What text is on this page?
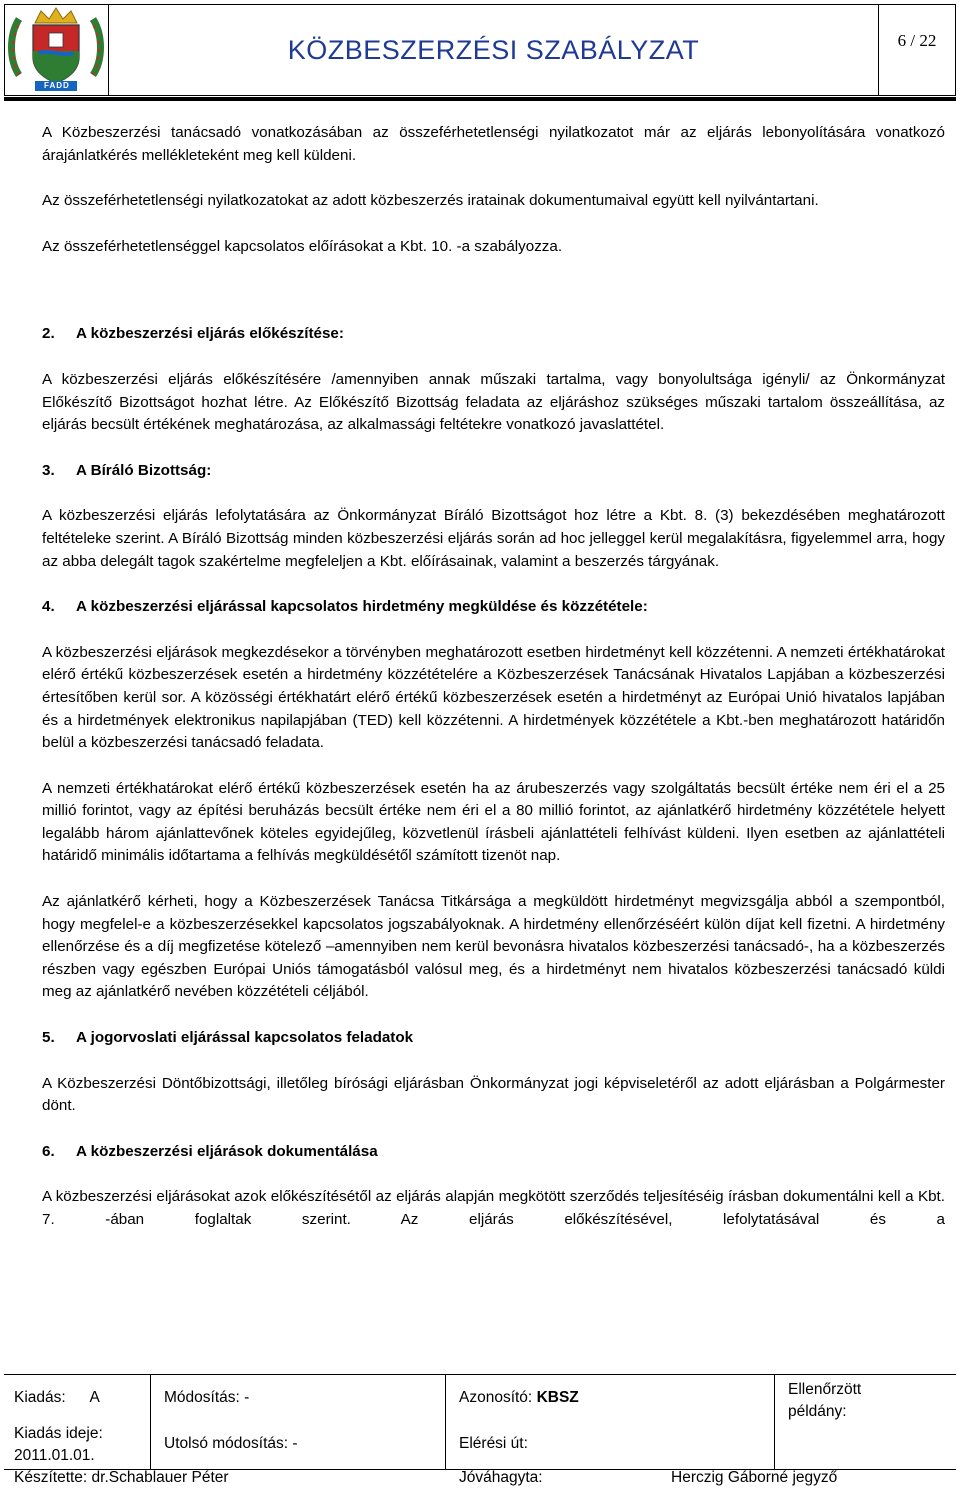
FADD
KÖZBESZERZÉSI SZABÁLYZAT	6 / 22

A Közbeszerzési tanácsadó vonatkozásában az összeférhetetlenségi nyilatkozatot már az eljárás lebonyolítására vonatkozó árajánlatkérés mellékleteként meg kell küldeni.

Az összeférhetetlenségi nyilatkozatokat az adott közbeszerzés iratainak dokumentumaival együtt kell nyilvántartani.

Az összeférhetetlenséggel kapcsolatos előírásokat a Kbt. 10. -a szabályozza.

2. A közbeszerzési eljárás előkészítése:

A közbeszerzési eljárás előkészítésére /amennyiben annak műszaki tartalma, vagy bonyolultsága igényli/ az Önkormányzat Előkészítő Bizottságot hozhat létre. Az Előkészítő Bizottság feladata az eljáráshoz szükséges műszaki tartalom összeállítása, az eljárás becsült értékének meghatározása, az alkalmassági feltétekre vonatkozó javaslattétel.

3. A Bíráló Bizottság:

A közbeszerzési eljárás lefolytatására az Önkormányzat Bíráló Bizottságot hoz létre a Kbt. 8. (3) bekezdésében meghatározott feltételeke szerint. A Bíráló Bizottság minden közbeszerzési eljárás során ad hoc jelleggel kerül megalakításra, figyelemmel arra, hogy az abba delegált tagok szakértelme megfeleljen a Kbt. előírásainak, valamint a beszerzés tárgyának.

4. A közbeszerzési eljárással kapcsolatos hirdetmény megküldése és közzététele:

A közbeszerzési eljárások megkezdésekor a törvényben meghatározott esetben hirdetményt kell közzétenni. A nemzeti értékhatárokat elérő értékű közbeszerzések esetén a hirdetmény közzétételére a Közbeszerzések Tanácsának Hivatalos Lapjában a közbeszerzési értesítőben kerül sor. A közösségi értékhatárt elérő értékű közbeszerzések esetén a hirdetményt az Európai Unió hivatalos lapjában és a hirdetmények elektronikus napilapjában (TED) kell közzétenni. A hirdetmények közzététele a Kbt.-ben meghatározott határidőn belül a közbeszerzési tanácsadó feladata.

A nemzeti értékhatárokat elérő értékű közbeszerzések esetén ha az árubeszerzés vagy szolgáltatás becsült értéke nem éri el a 25 millió forintot, vagy az építési beruházás becsült értéke nem éri el a 80 millió forintot, az ajánlatkérő hirdetmény közzététele helyett legalább három ajánlattevőnek köteles egyidejűleg, közvetlenül írásbeli ajánlattételi felhívást küldeni. Ilyen esetben az ajánlattételi határidő minimális időtartama a felhívás megküldésétől számított tizenöt nap.

Az ajánlatkérő kérheti, hogy a Közbeszerzések Tanácsa Titkársága a megküldött hirdetményt megvizsgálja abból a szempontból, hogy megfelel-e a közbeszerzésekkel kapcsolatos jogszabályoknak. A hirdetmény ellenőrzéséért külön díjat kell fizetni. A hirdetmény ellenőrzése és a díj megfizetése kötelező –amennyiben nem kerül bevonásra hivatalos közbeszerzési tanácsadó-, ha a közbeszerzés részben vagy egészben Európai Uniós támogatásból valósul meg, és a hirdetményt nem hivatalos közbeszerzési tanácsadó küldi meg az ajánlatkérő nevében közzétételi céljából.

5. A jogorvoslati eljárással kapcsolatos feladatok

A Közbeszerzési Döntőbizottsági, illetőleg bírósági eljárásban Önkormányzat jogi képviseletéről az adott eljárásban a Polgármester dönt.

6. A közbeszerzési eljárások dokumentálása

A közbeszerzési eljárásokat azok előkészítésétől az eljárás alapján megkötött szerződés teljesítéséig írásban dokumentálni kell a Kbt. 7. -ában foglaltak szerint. Az eljárás előkészítésével, lefolytatásával és a

Kiadás: A	Módosítás: -	Azonosító: KBSZ	Ellenőrzött példány:
Kiadás ideje:
2011.01.01.
Utolsó módosítás: -	Elérési út:
Készítette: dr.Schablauer Péter	Jóváhagyta:	Herczig Gáborné jegyző
